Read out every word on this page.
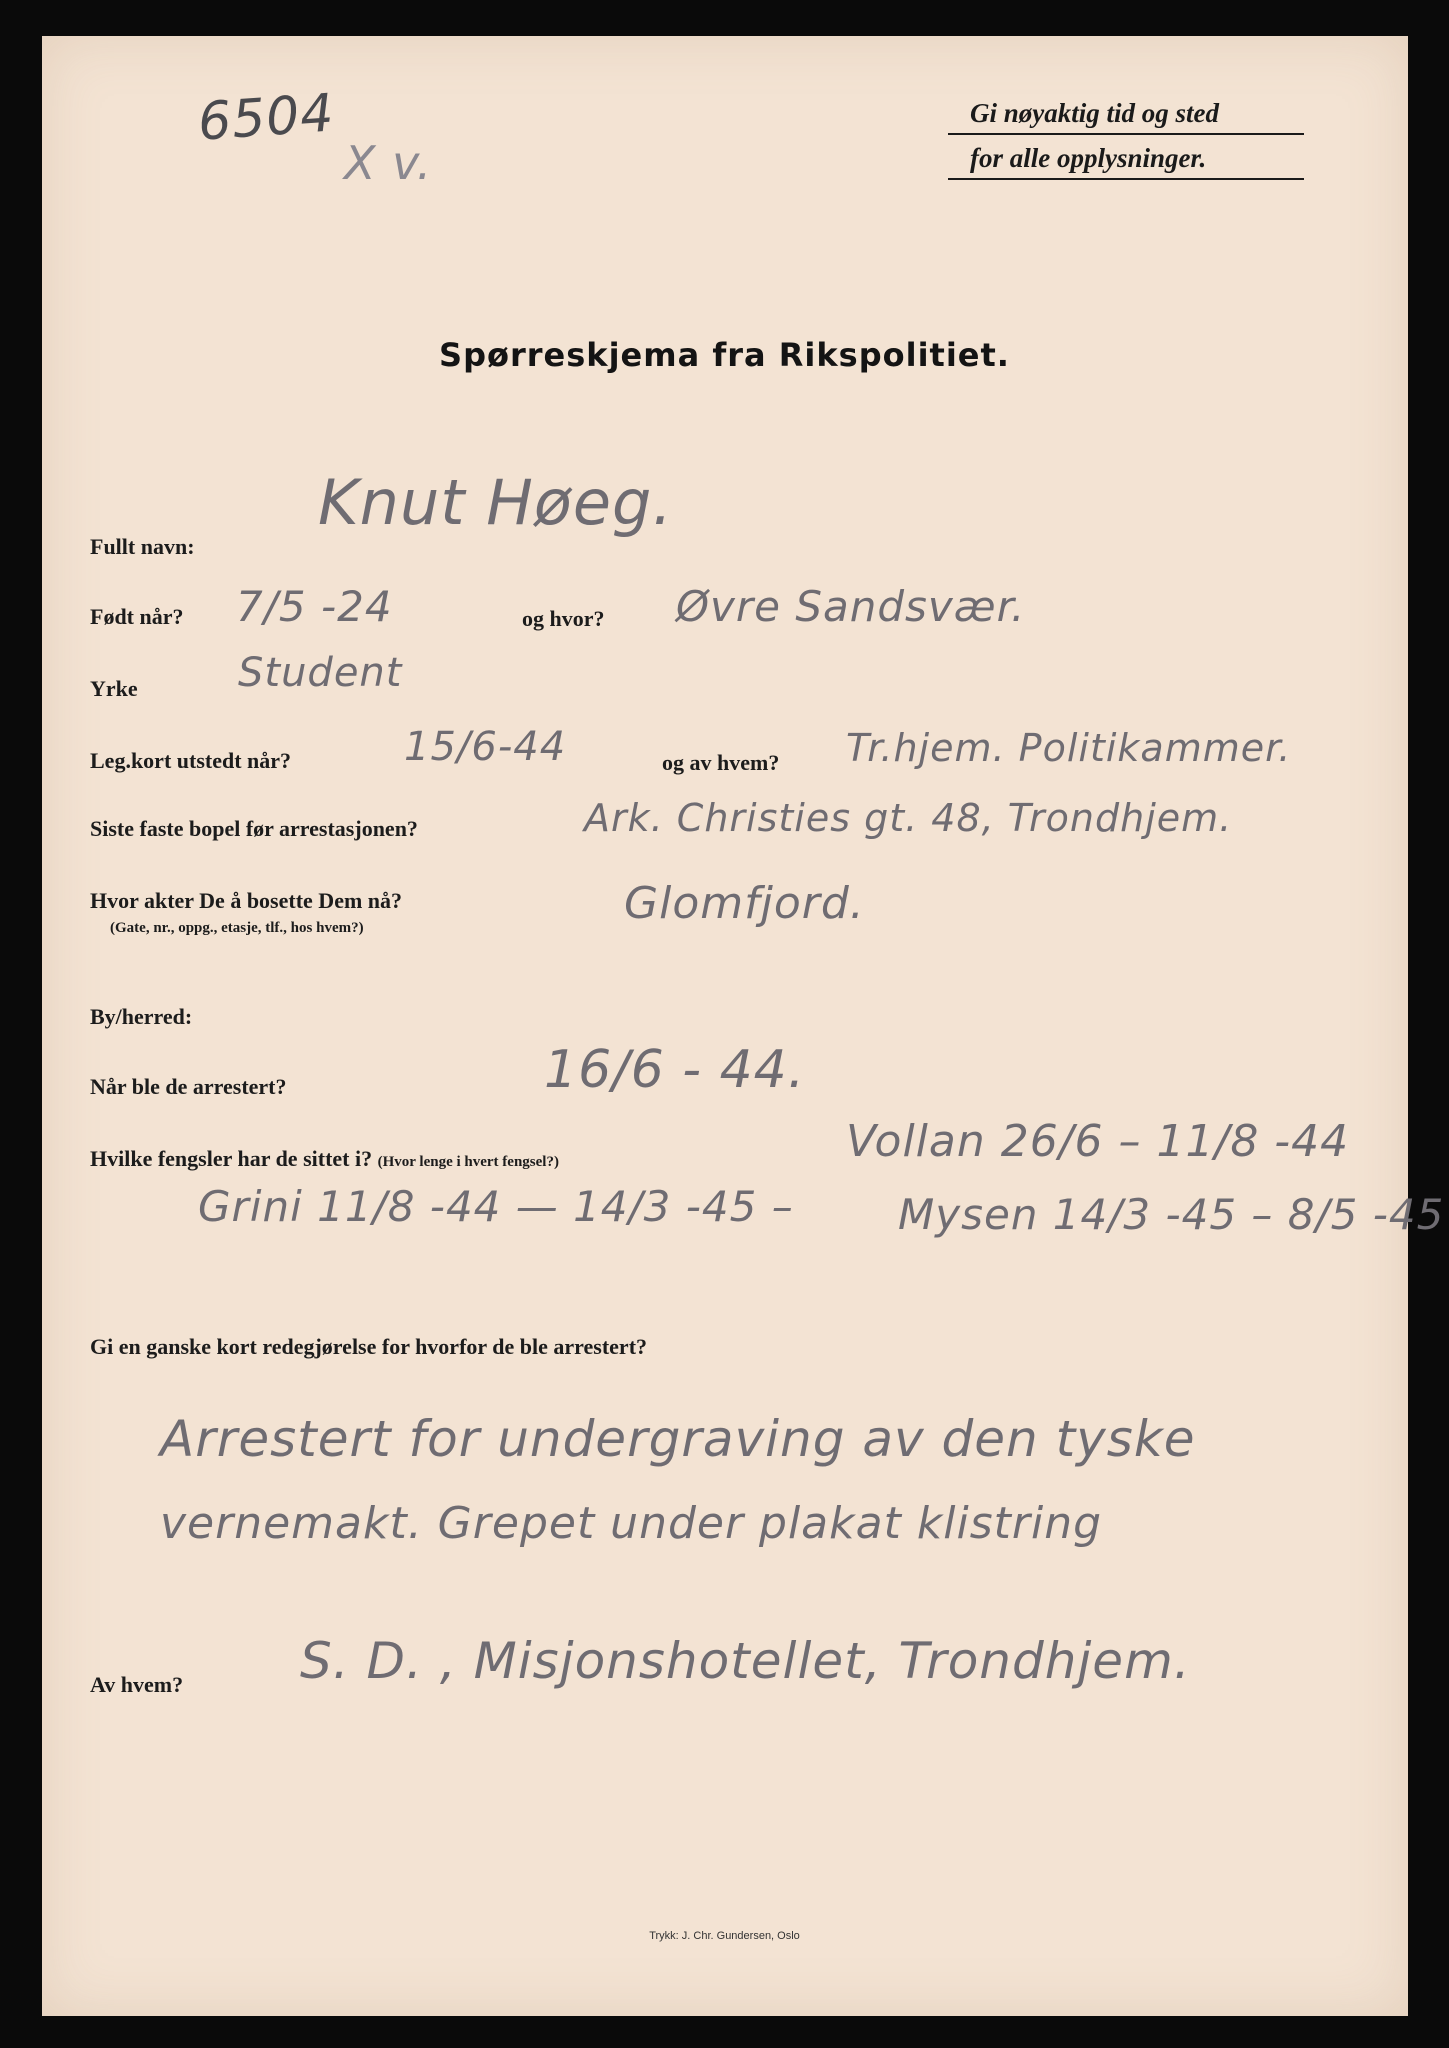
6504
X v.
Gi nøyaktig tid og sted
for alle opplysninger.
Spørreskjema fra Rikspolitiet.
Fullt navn:
Knut Høeg.
Født når? 7/5 -24	og hvor? Øvre Sandsvær.
Yrke	Student
Leg.kort utstedt når?	15/6-44	og av hvem? Tr.hjem. Politikammer.
Siste faste bopel før arrestasjonen?	Ark. Christies gt. 48, Trondhjem.
Hvor akter De å bosette Dem nå?
(Gate, nr., oppg., etasje, tlf., hos hvem?)	Glomfjord.
By/herred:
Når ble de arrestert?	16/6 - 44.
Hvilke fengsler har de sittet i? (Hvor lenge i hvert fengsel?)	Vollan 26/6 – 11/8 -44
Grini 11/8 -44 — 14/3 -45 – Mysen 14/3 -45 – 8/5 -45
Gi en ganske kort redegjørelse for hvorfor de ble arrestert?
Arrestert for undergraving av den tyske
vernemakt. Grepet under plakat klistring
Av hvem? S. D. , Misjonshotellet, Trondhjem.
Trykk: J. Chr. Gundersen, Oslo
